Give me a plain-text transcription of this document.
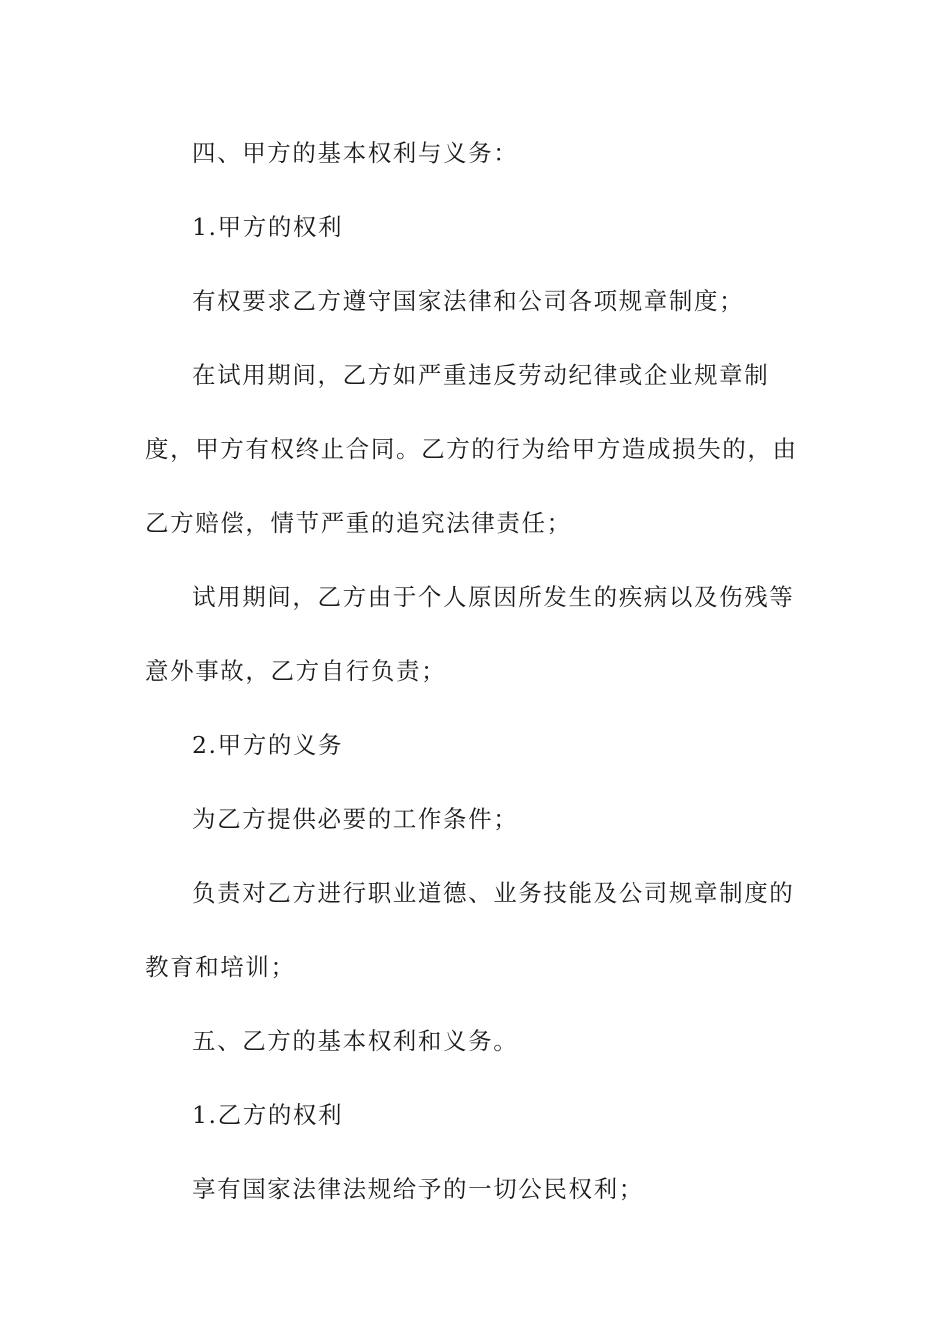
四、甲方的基本权利与义务：

1.甲方的权利

有权要求乙方遵守国家法律和公司各项规章制度；

在试用期间，乙方如严重违反劳动纪律或企业规章制度，甲方有权终止合同。乙方的行为给甲方造成损失的，由乙方赔偿，情节严重的追究法律责任；

试用期间，乙方由于个人原因所发生的疾病以及伤残等意外事故，乙方自行负责；

2.甲方的义务

为乙方提供必要的工作条件；

负责对乙方进行职业道德、业务技能及公司规章制度的教育和培训；

五、乙方的基本权利和义务。

1.乙方的权利

享有国家法律法规给予的一切公民权利；
